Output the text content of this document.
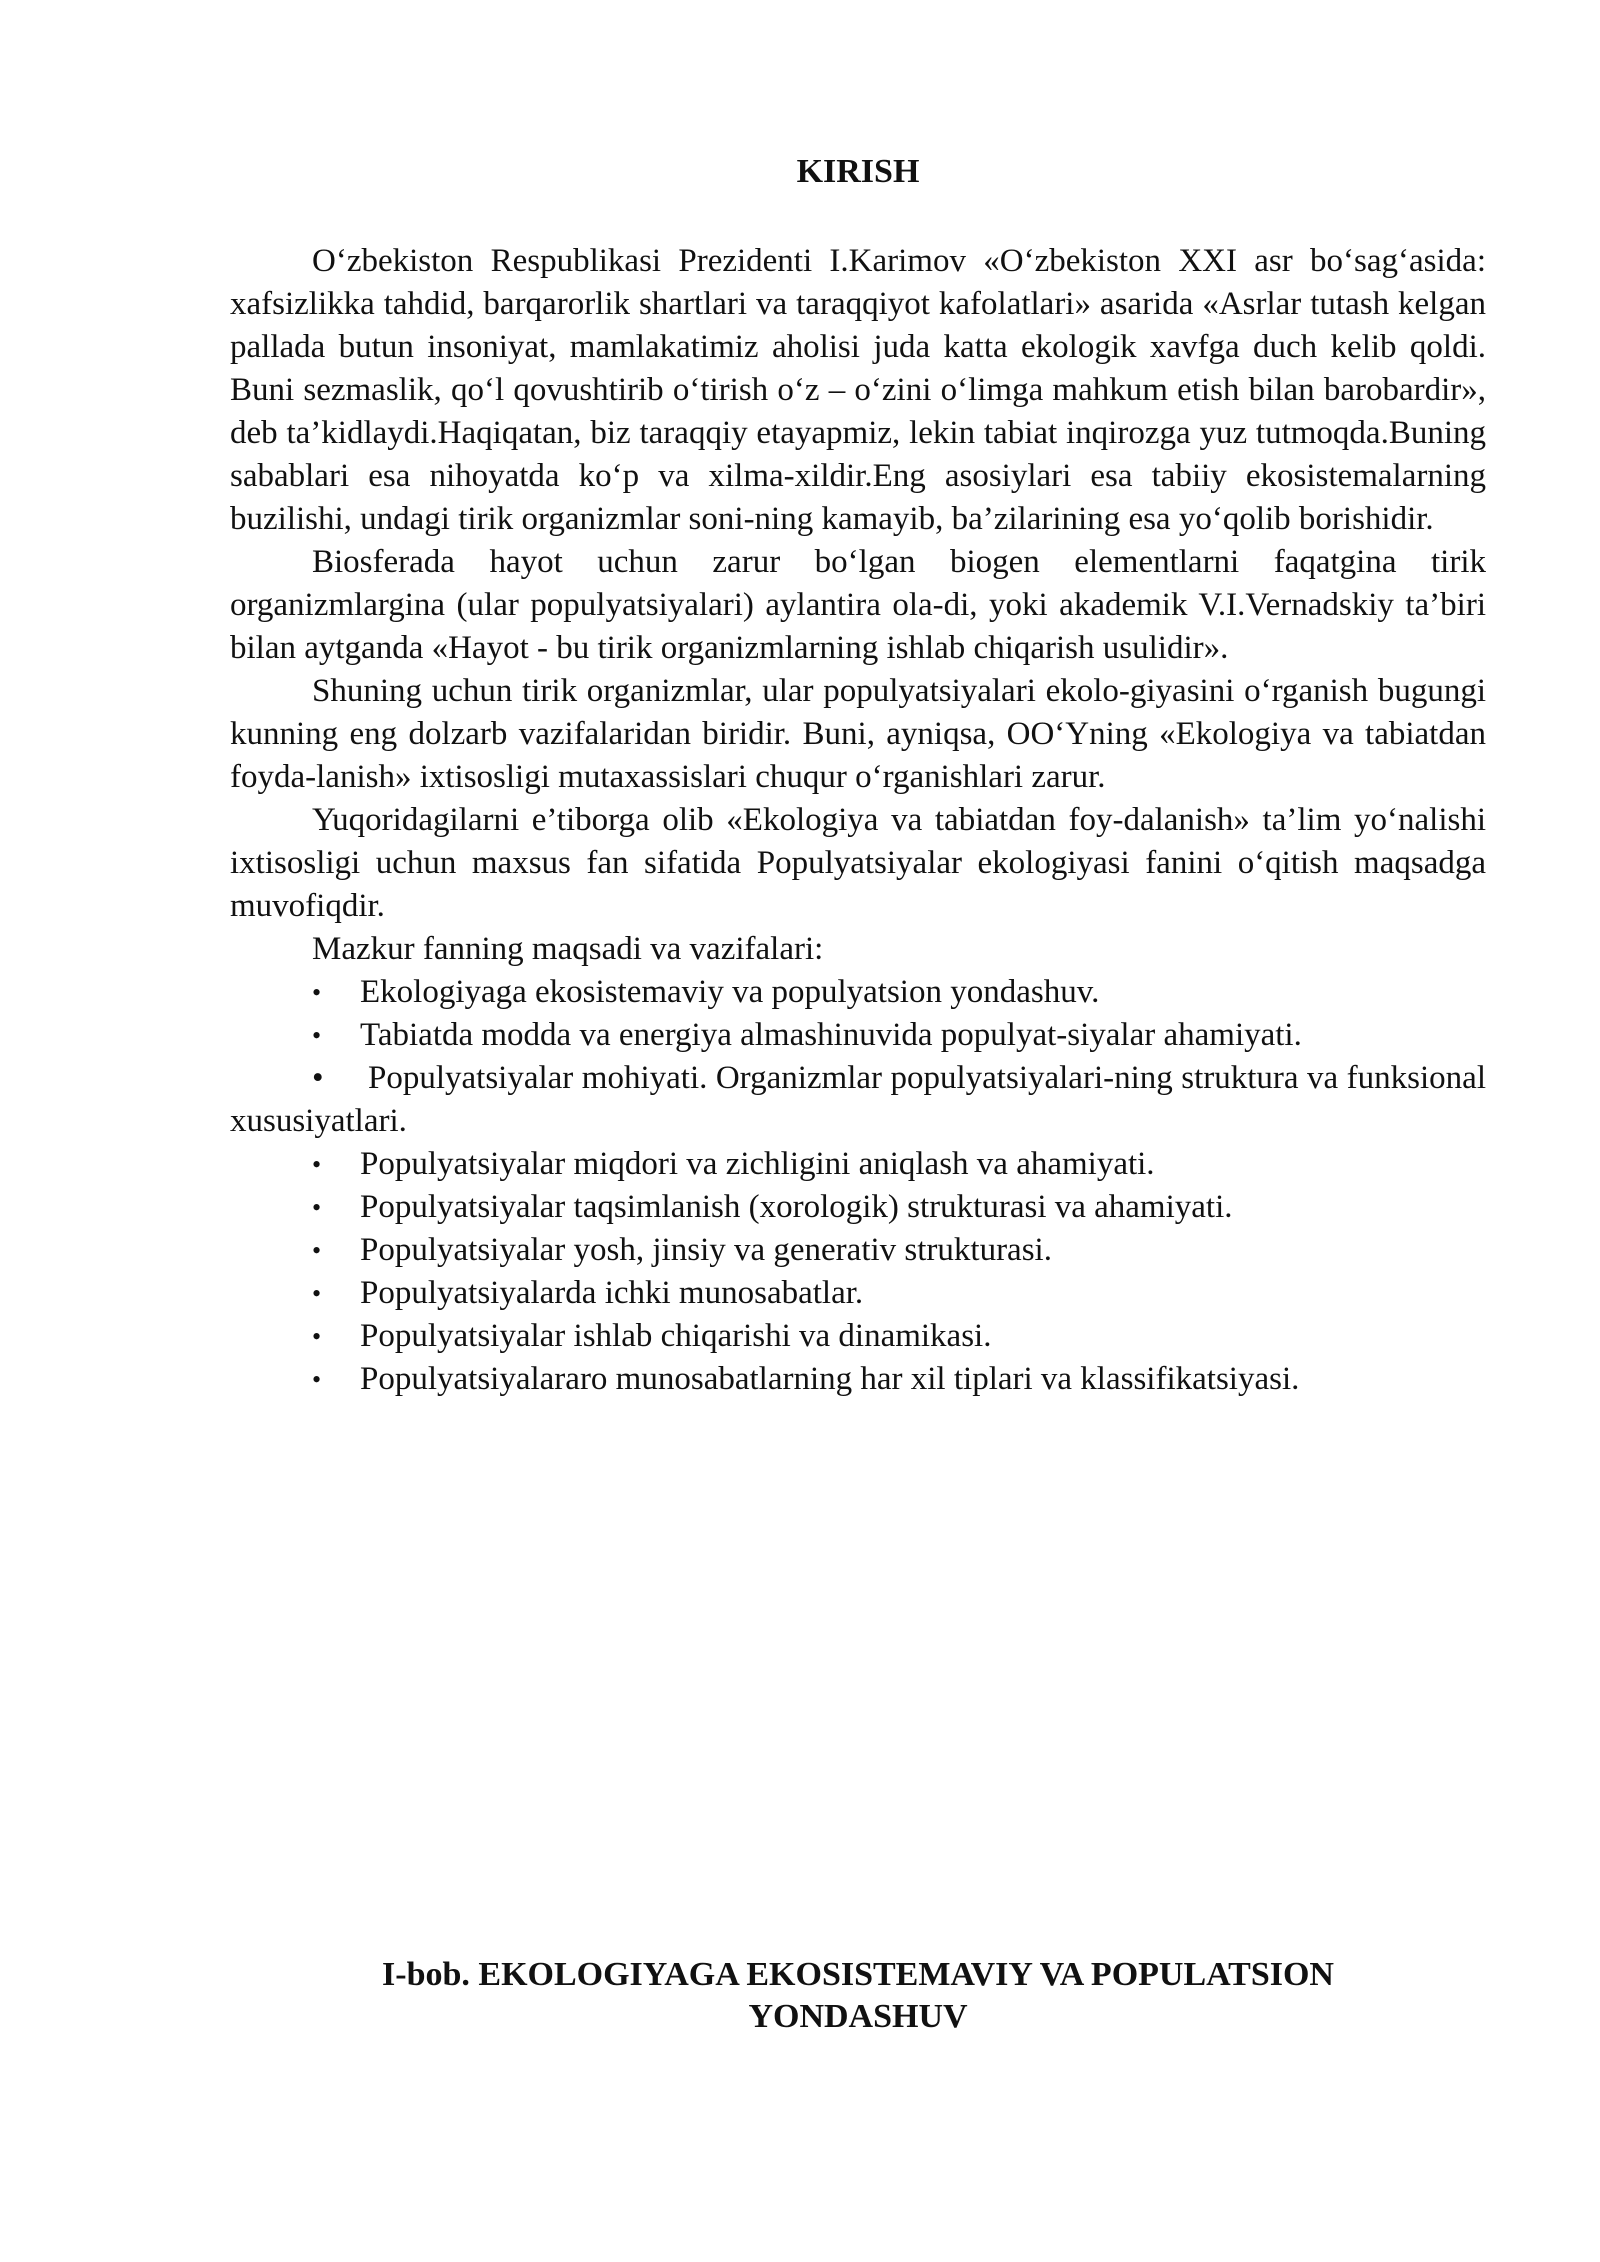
KIRISH

O‘zbekiston Respublikasi Prezidenti I.Karimov «O‘zbekiston XXI asr bo‘sag‘asida: xafsizlikka tahdid, barqarorlik shartlari va taraqqiyot kafolatlari» asarida «Asrlar tutash kelgan pallada butun insoniyat, mamlakatimiz aholisi juda katta ekologik xavfga duch kelib qoldi. Buni sezmaslik, qo‘l qovushtirib o‘tirish o‘z – o‘zini o‘limga mahkum etish bilan barobardir», deb ta’kidlaydi.Haqiqatan, biz taraqqiy etayapmiz, lekin tabiat inqirozga yuz tutmoqda.Buning sabablari esa nihoyatda ko‘p va xilma-xildir.Eng asosiylari esa tabiiy ekosistemalarning buzilishi, undagi tirik organizmlar soni-ning kamayib, ba’zilarining esa yo‘qolib borishidir.

Biosferada hayot uchun zarur bo‘lgan biogen elementlarni faqatgina tirik organizmlargina (ular populyatsiyalari) aylantira ola-di, yoki akademik V.I.Vernadskiy ta’biri bilan aytganda «Hayot - bu tirik organizmlarning ishlab chiqarish usulidir».

Shuning uchun tirik organizmlar, ular populyatsiyalari ekolo-giyasini o‘rganish bugungi kunning eng dolzarb vazifalaridan biridir. Buni, ayniqsa, OO‘Yning «Ekologiya va tabiatdan foyda-lanish» ixtisosligi mutaxassislari chuqur o‘rganishlari zarur.

Yuqoridagilarni e’tiborga olib «Ekologiya va tabiatdan foy-dalanish» ta’lim yo‘nalishi ixtisosligi uchun maxsus fan sifatida Populyatsiyalar ekologiyasi fanini o‘qitish maqsadga muvofiqdir.

Mazkur fanning maqsadi va vazifalari:

• Ekologiyaga ekosistemaviy va populyatsion yondashuv.
• Tabiatda modda va energiya almashinuvida populyat-siyalar ahamiyati.
• Populyatsiyalar mohiyati. Organizmlar populyatsiyalari-ning struktura va funksional xususiyatlari.
• Populyatsiyalar miqdori va zichligini aniqlash va ahamiyati.
• Populyatsiyalar taqsimlanish (xorologik) strukturasi va ahamiyati.
• Populyatsiyalar yosh, jinsiy va generativ strukturasi.
• Populyatsiyalarda ichki munosabatlar.
• Populyatsiyalar ishlab chiqarishi va dinamikasi.
• Populyatsiyalararo munosabatlarning har xil tiplari va klassifikatsiyasi.
I-bob. EKOLOGIYAGA EKOSISTEMAVIY VA POPULATSION
YONDASHUV
